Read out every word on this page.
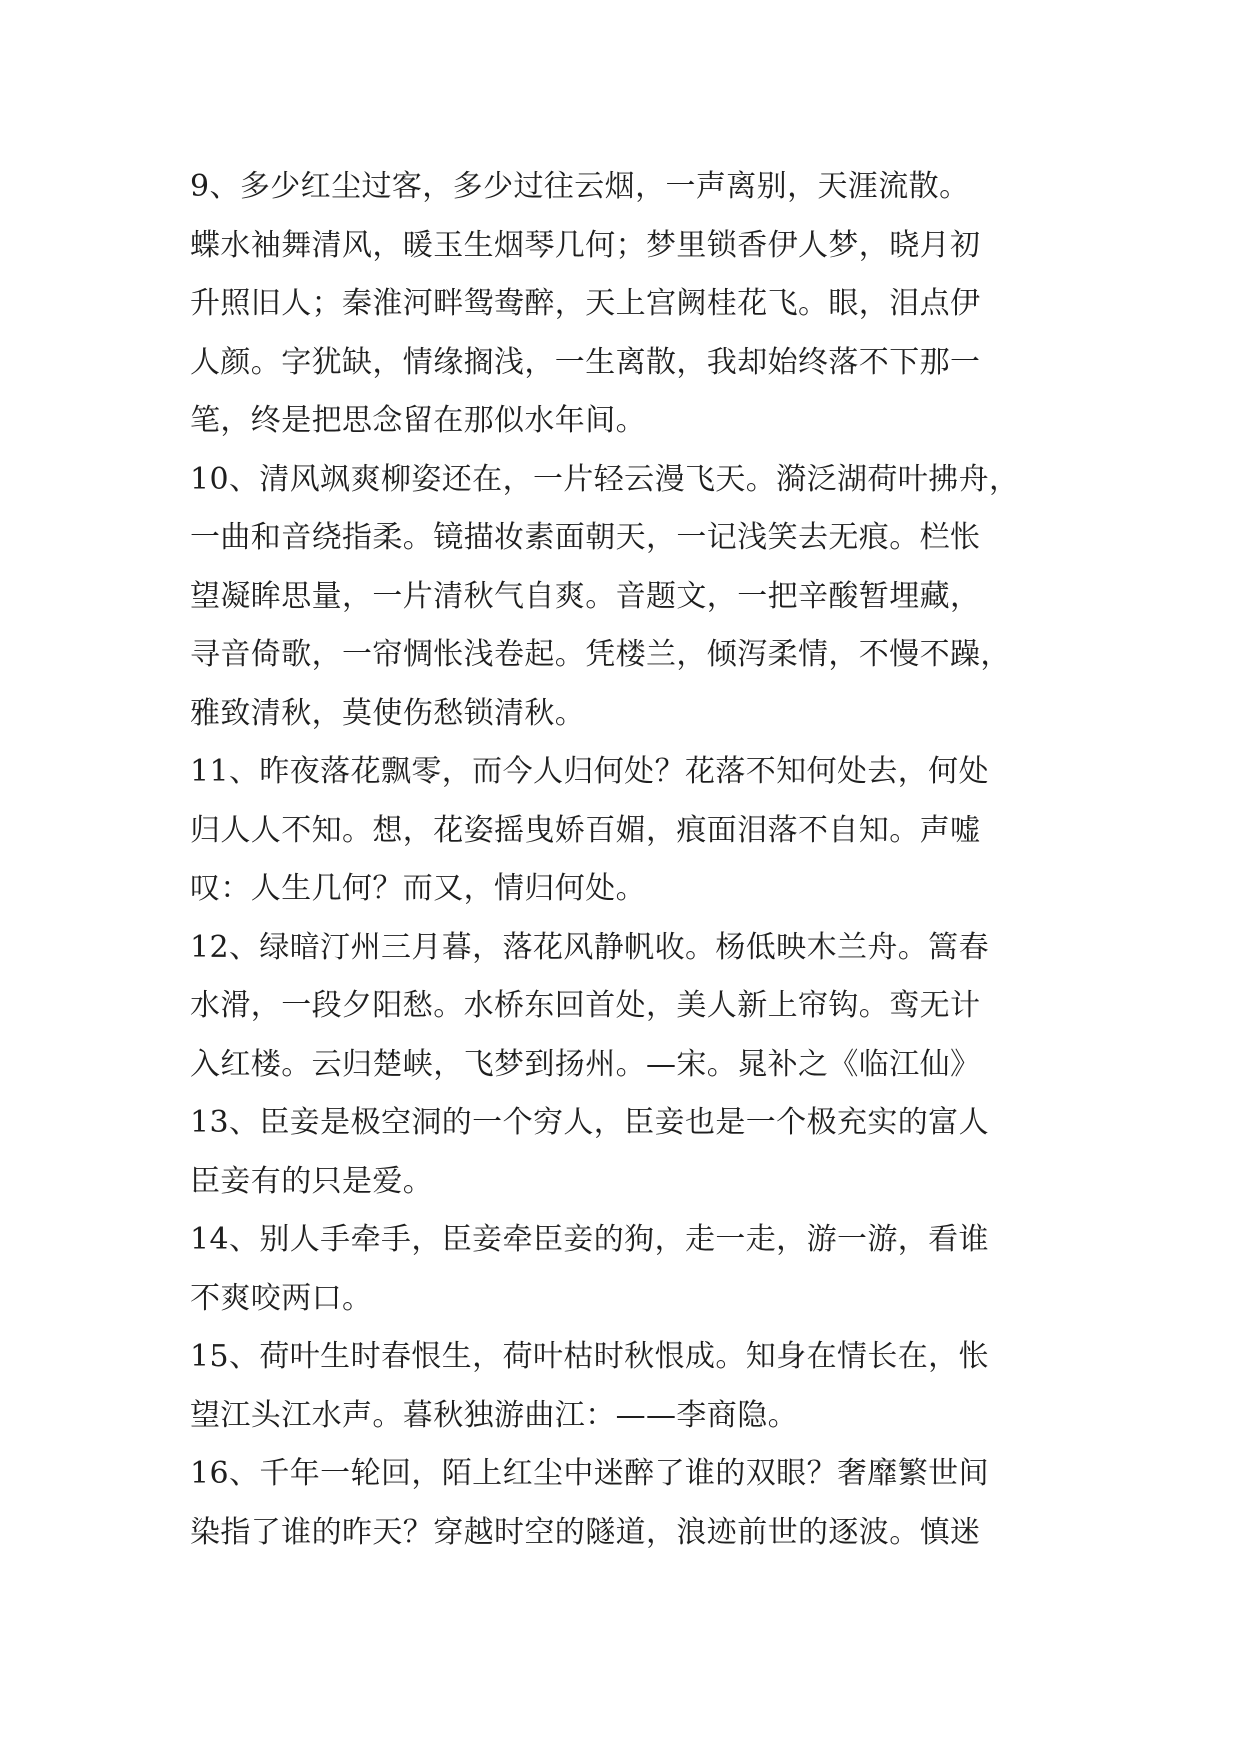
9、多少红尘过客，多少过往云烟，一声离别，天涯流散。
蝶水袖舞清风，暖玉生烟琴几何；梦里锁香伊人梦，晓月初
升照旧人；秦淮河畔鸳鸯醉，天上宫阙桂花飞。眼，泪点伊
人颜。字犹缺，情缘搁浅，一生离散，我却始终落不下那一
笔，终是把思念留在那似水年间。
10、清风飒爽柳姿还在，一片轻云漫飞天。漪泛湖荷叶拂舟，
一曲和音绕指柔。镜描妆素面朝天，一记浅笑去无痕。栏怅
望凝眸思量，一片清秋气自爽。音题文，一把辛酸暂埋藏，
寻音倚歌，一帘惆怅浅卷起。凭楼兰，倾泻柔情，不慢不躁，
雅致清秋，莫使伤愁锁清秋。
11、昨夜落花飘零，而今人归何处？花落不知何处去，何处
归人人不知。想，花姿摇曳娇百媚，痕面泪落不自知。声嘘
叹：人生几何？而又，情归何处。
12、绿暗汀州三月暮，落花风静帆收。杨低映木兰舟。篙春
水滑，一段夕阳愁。水桥东回首处，美人新上帘钩。鸾无计
入红楼。云归楚峡，飞梦到扬州。—宋。晁补之《临江仙》
13、臣妾是极空洞的一个穷人，臣妾也是一个极充实的富人
臣妾有的只是爱。
14、别人手牵手，臣妾牵臣妾的狗，走一走，游一游，看谁
不爽咬两口。
15、荷叶生时春恨生，荷叶枯时秋恨成。知身在情长在，怅
望江头江水声。暮秋独游曲江：——李商隐。
16、千年一轮回，陌上红尘中迷醉了谁的双眼？奢靡繁世间
染指了谁的昨天？穿越时空的隧道，浪迹前世的逐波。慎迷
